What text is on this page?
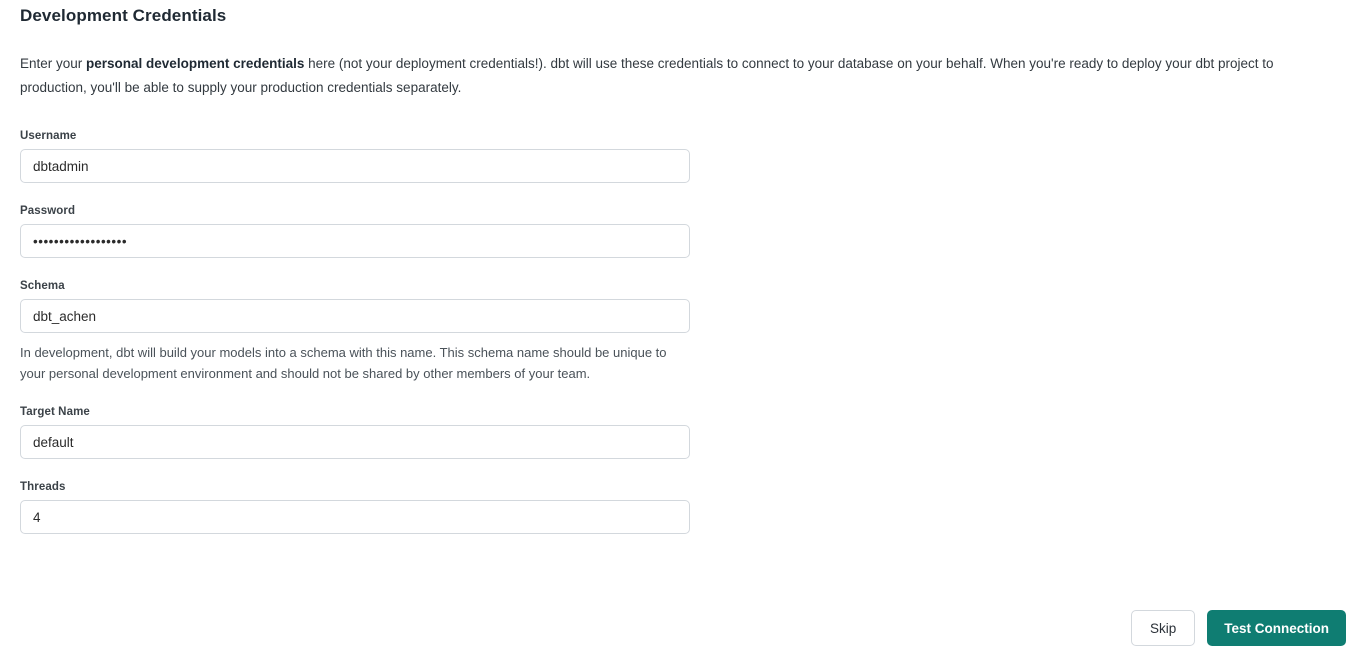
Development Credentials

Enter your personal development credentials here (not your deployment credentials!). dbt will use these credentials to connect to your database on your behalf. When you're ready to deploy your dbt project to production, you'll be able to supply your production credentials separately.

Username
dbtadmin
Password
••••••••••••••••••
Schema
dbt_achen
In development, dbt will build your models into a schema with this name. This schema name should be unique to your personal development environment and should not be shared by other members of your team.
Target Name
default
Threads
4
Skip	Test Connection
